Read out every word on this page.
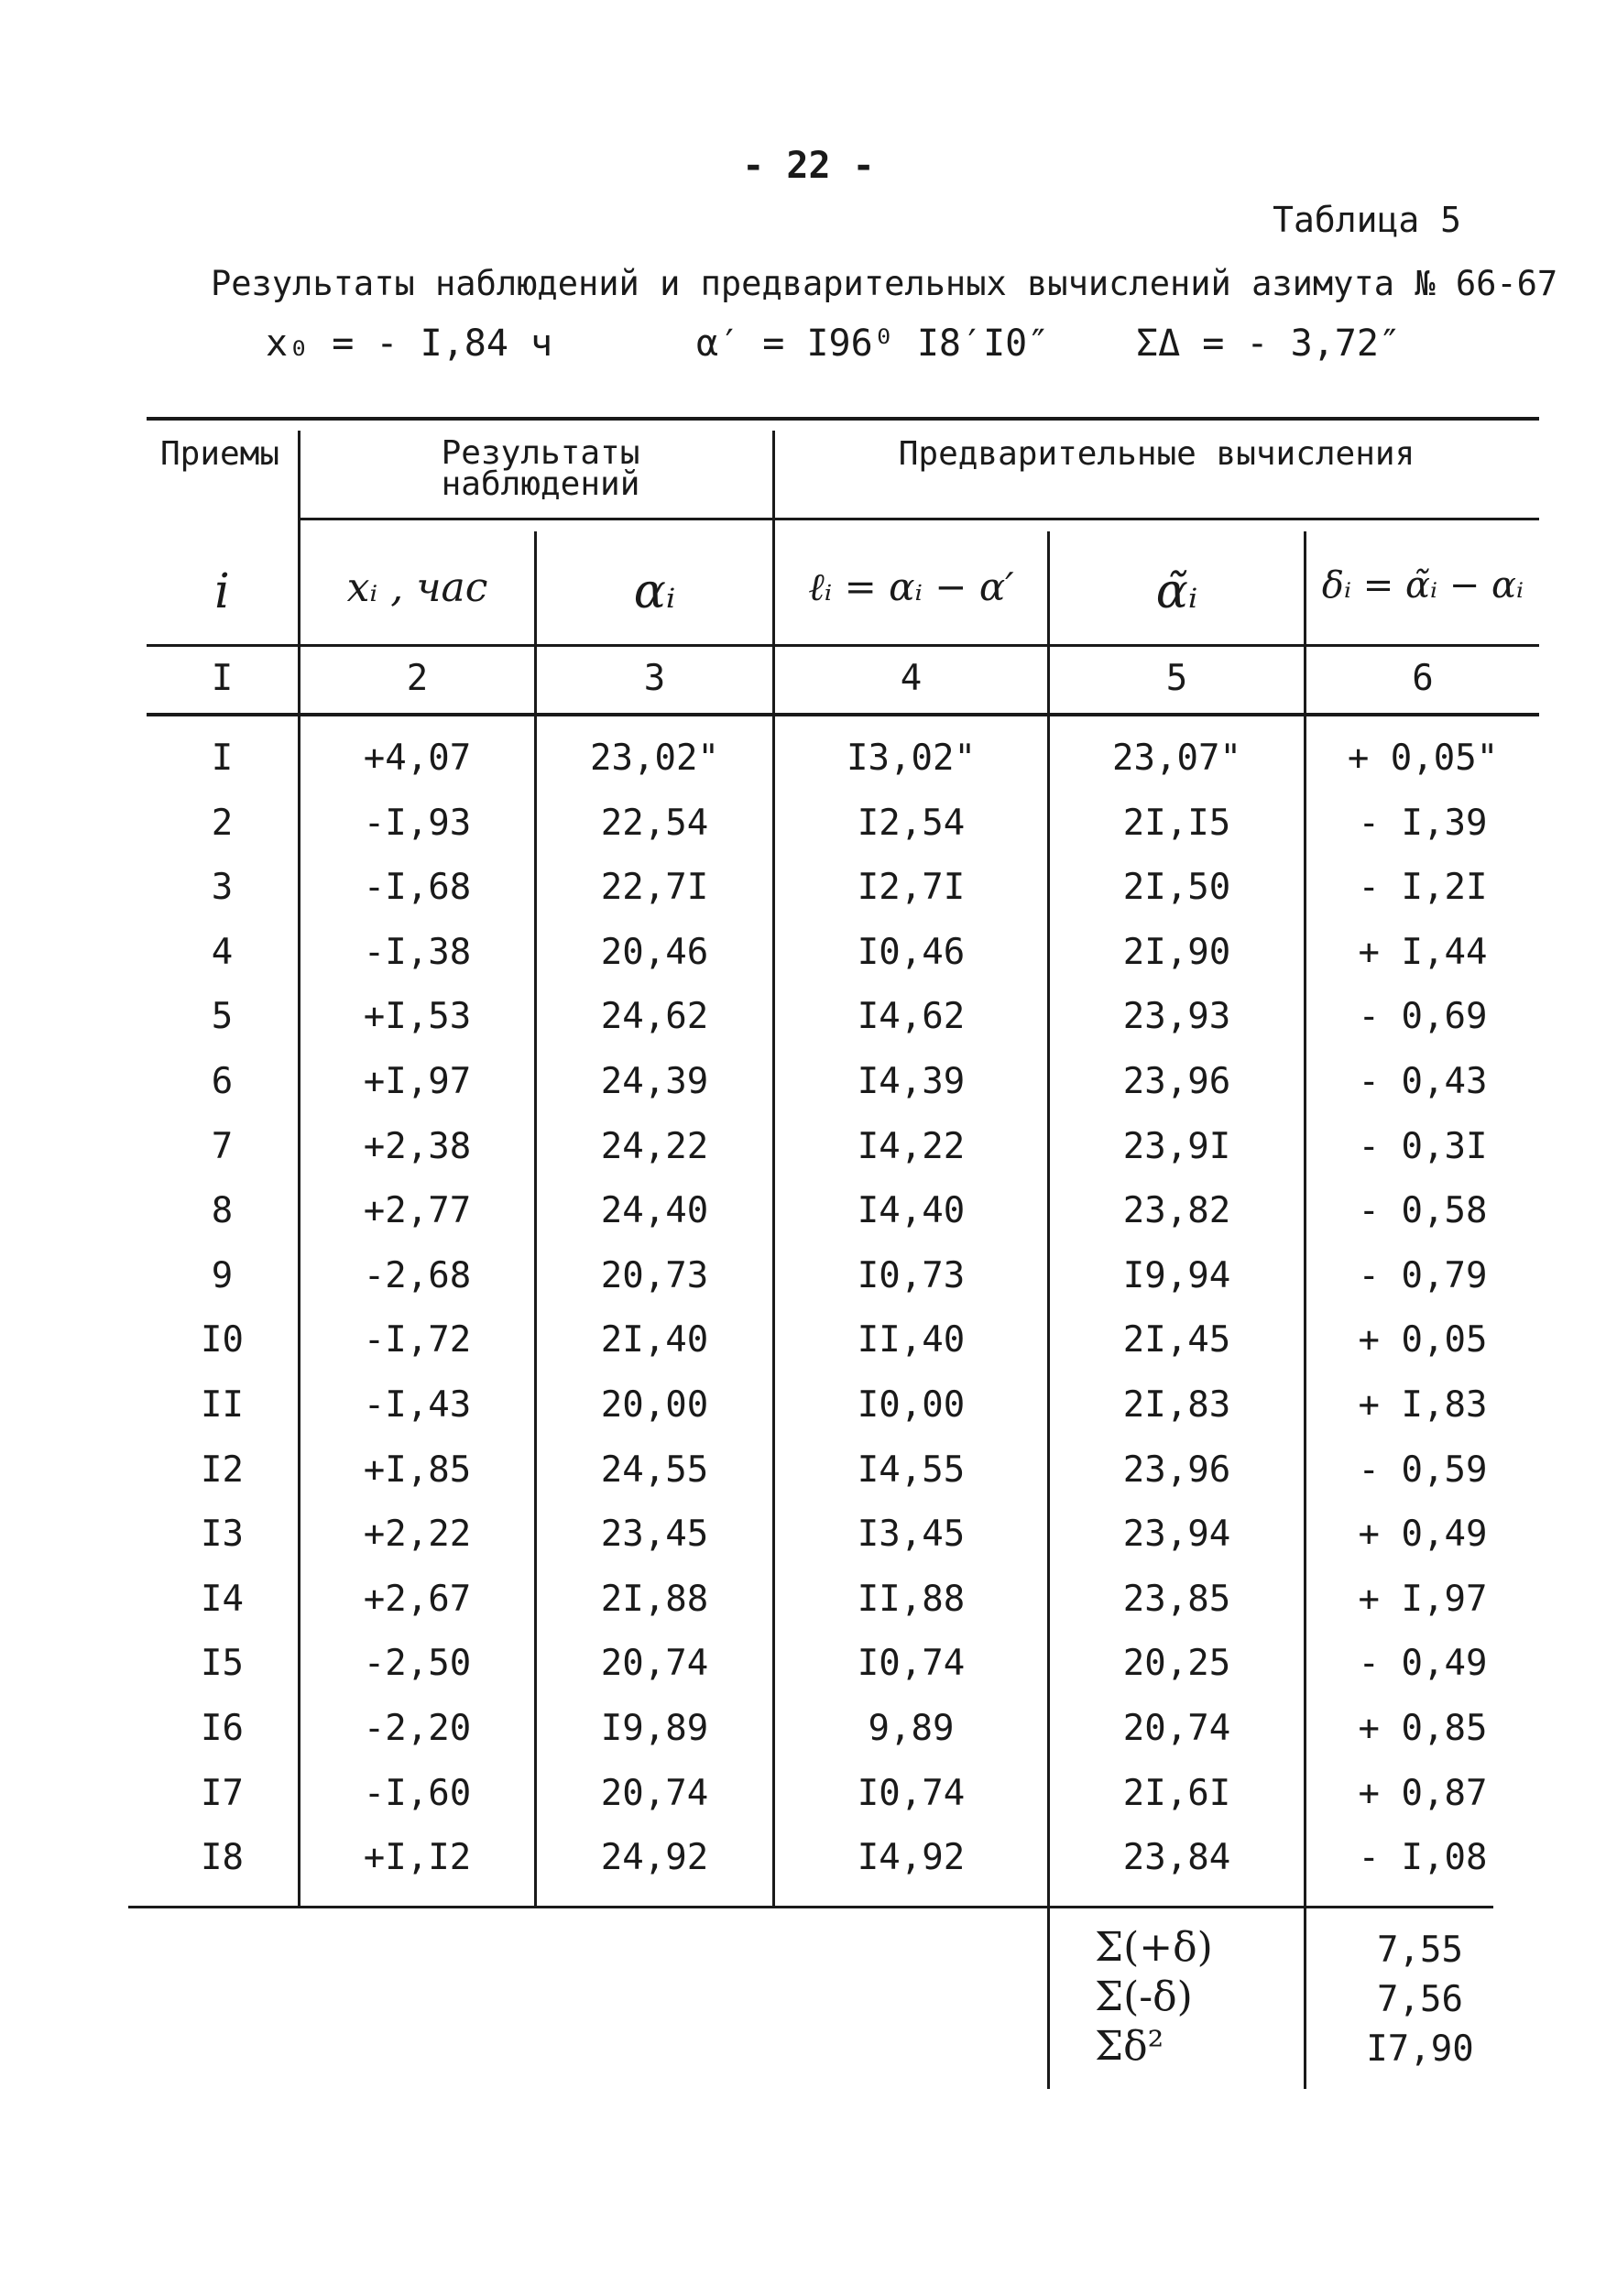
- 22 -
Таблица 5
Результаты наблюдений и предварительных вычислений азимута № 66-67
x₀ = - I,84 ч	α′ = I96⁰ I8′I0″ ΣΔ = - 3,72″
Приемы	Результаты наблюдений
Предварительные вычисления
i	xᵢ , час	αᵢ	ℓᵢ = αᵢ − α′	α̃ᵢ	δᵢ = α̃ᵢ − αᵢ
I	2	3	4	5	6
I	+4,07	23,02"	I3,02"	23,07"	+ 0,05"
2	-I,93	22,54	I2,54	2I,I5	- I,39
3	-I,68	22,7I	I2,7I	2I,50	- I,2I
4	-I,38	20,46	I0,46	2I,90	+ I,44
5	+I,53	24,62	I4,62	23,93	- 0,69
6	+I,97	24,39	I4,39	23,96	- 0,43
7	+2,38	24,22	I4,22	23,9I	- 0,3I
8	+2,77	24,40	I4,40	23,82	- 0,58
9	-2,68	20,73	I0,73	I9,94	- 0,79
I0	-I,72	2I,40	II,40	2I,45	+ 0,05
II	-I,43	20,00	I0,00	2I,83	+ I,83
I2	+I,85	24,55	I4,55	23,96	- 0,59
I3	+2,22	23,45	I3,45	23,94	+ 0,49
I4	+2,67	2I,88	II,88	23,85	+ I,97
I5	-2,50	20,74	I0,74	20,25	- 0,49
I6	-2,20	I9,89	9,89	20,74	+ 0,85
I7	-I,60	20,74	I0,74	2I,6I	+ 0,87
I8	+I,I2	24,92	I4,92	23,84	- I,08
Σ(+δ)	7,55
Σ(-δ)	7,56
Σδ²	I7,90
